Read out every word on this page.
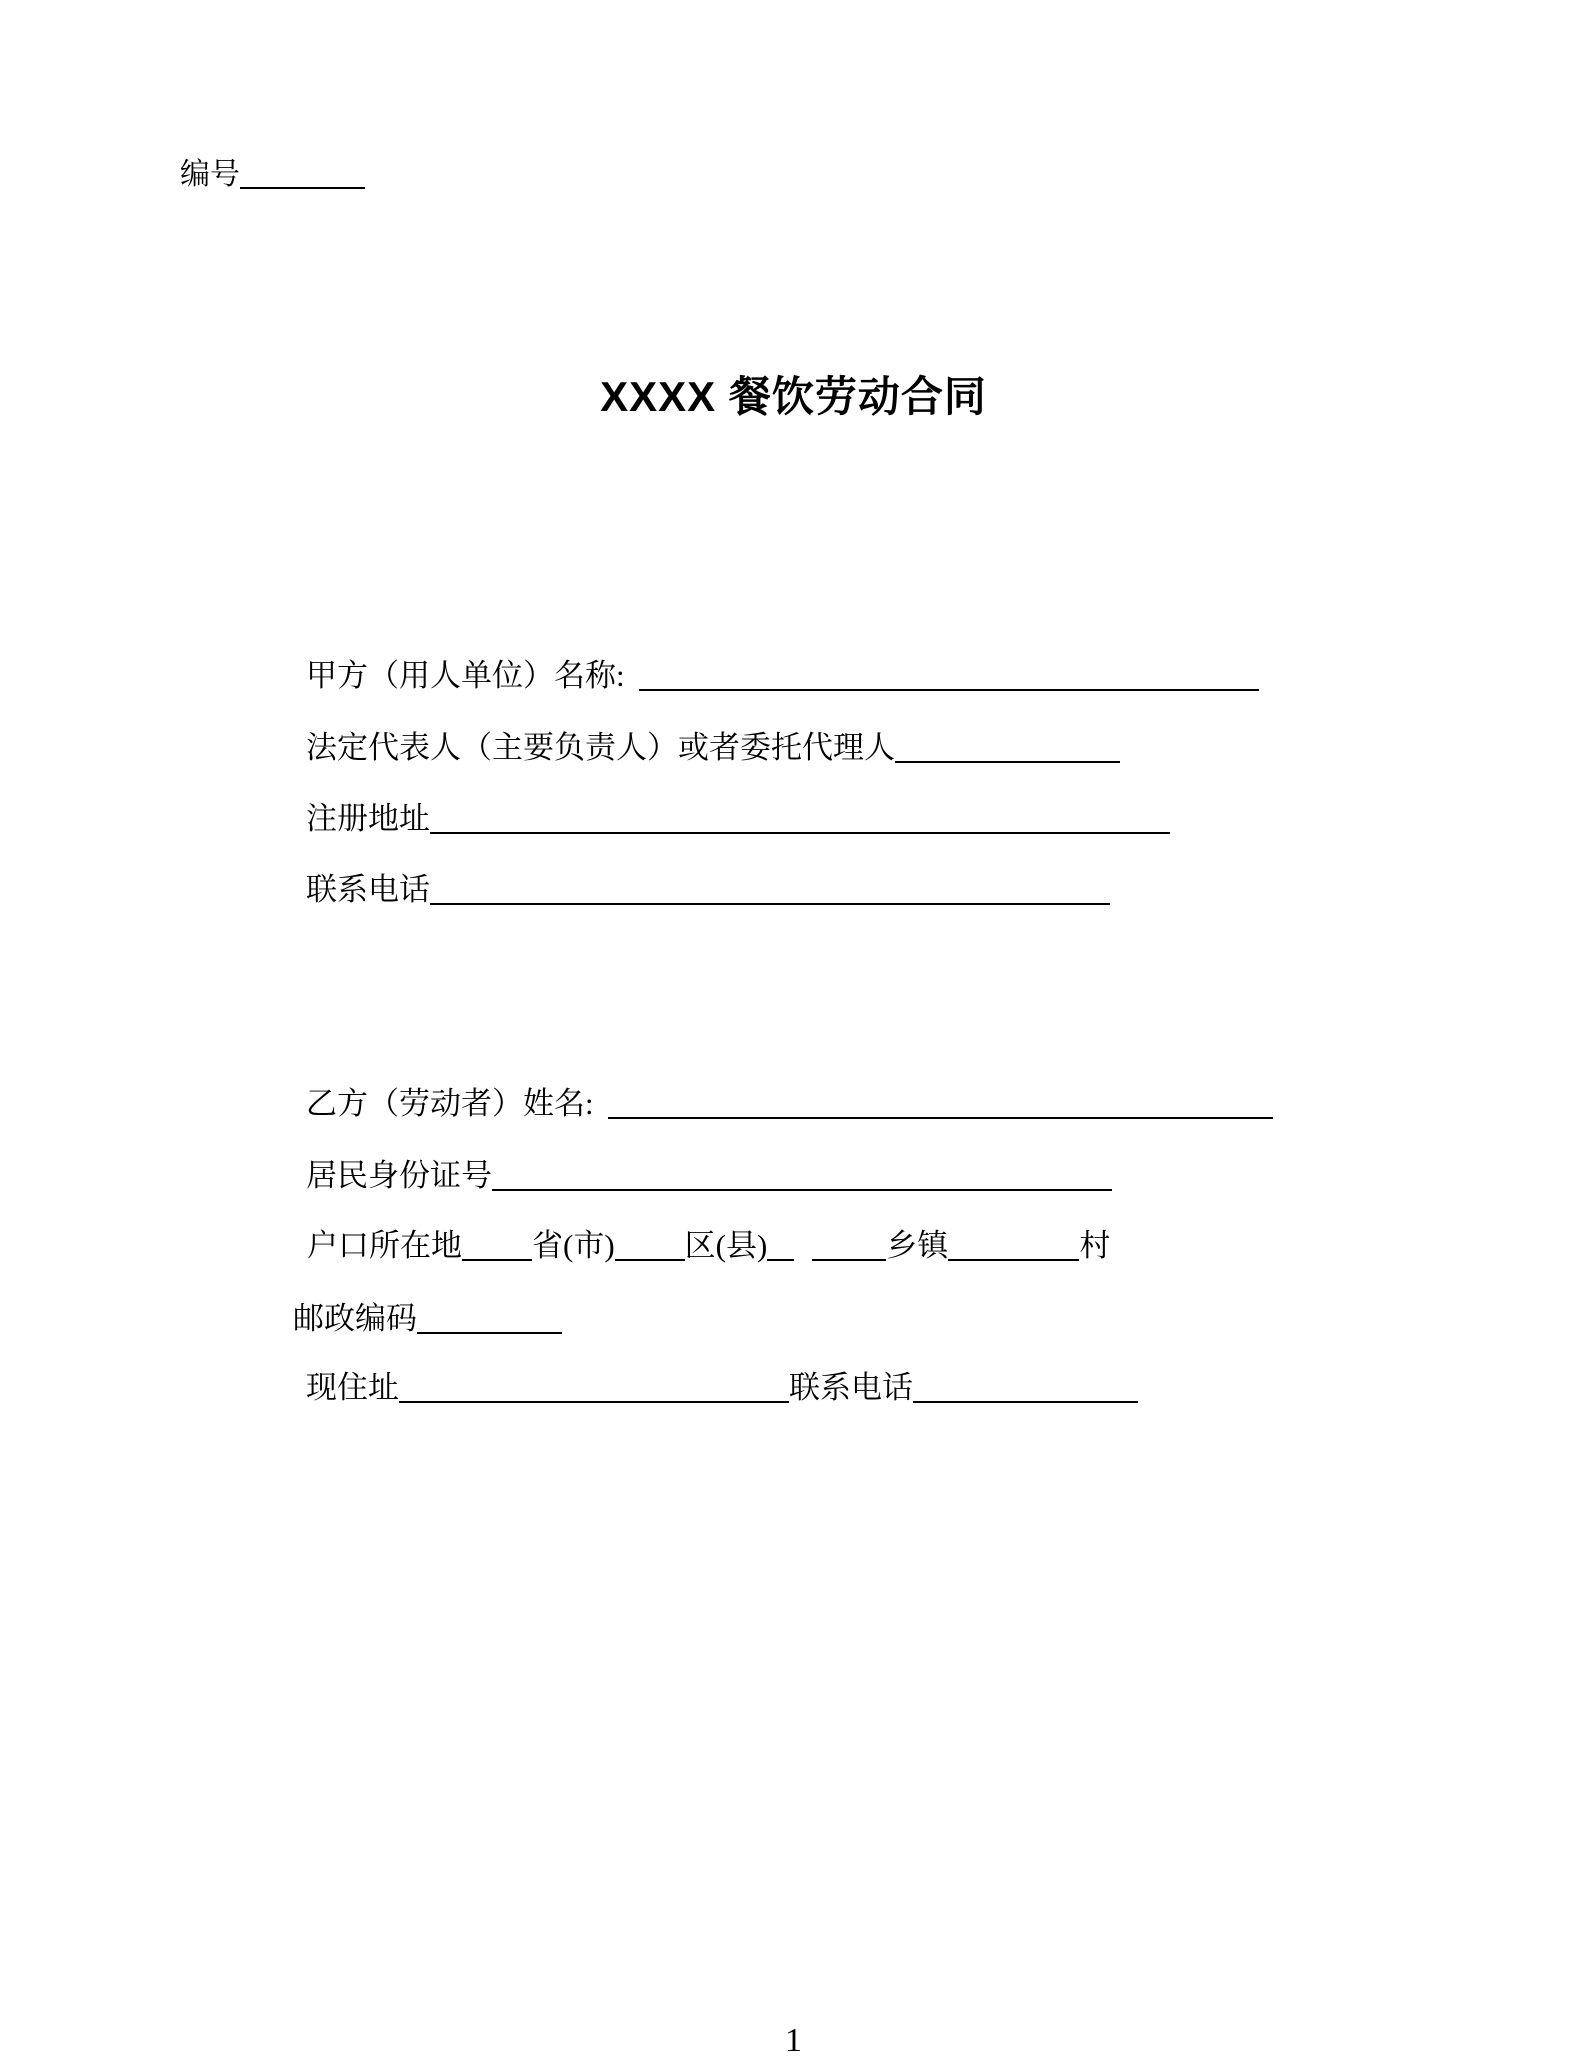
编号
XXXX 餐饮劳动合同
甲方（用人单位）名称:
法定代表人（主要负责人）或者委托代理人
注册地址
联系电话
乙方（劳动者）姓名:
居民身份证号
户口所在地 省(市) 区(县)	乡镇	村
邮政编码
现住址	联系电话
1
